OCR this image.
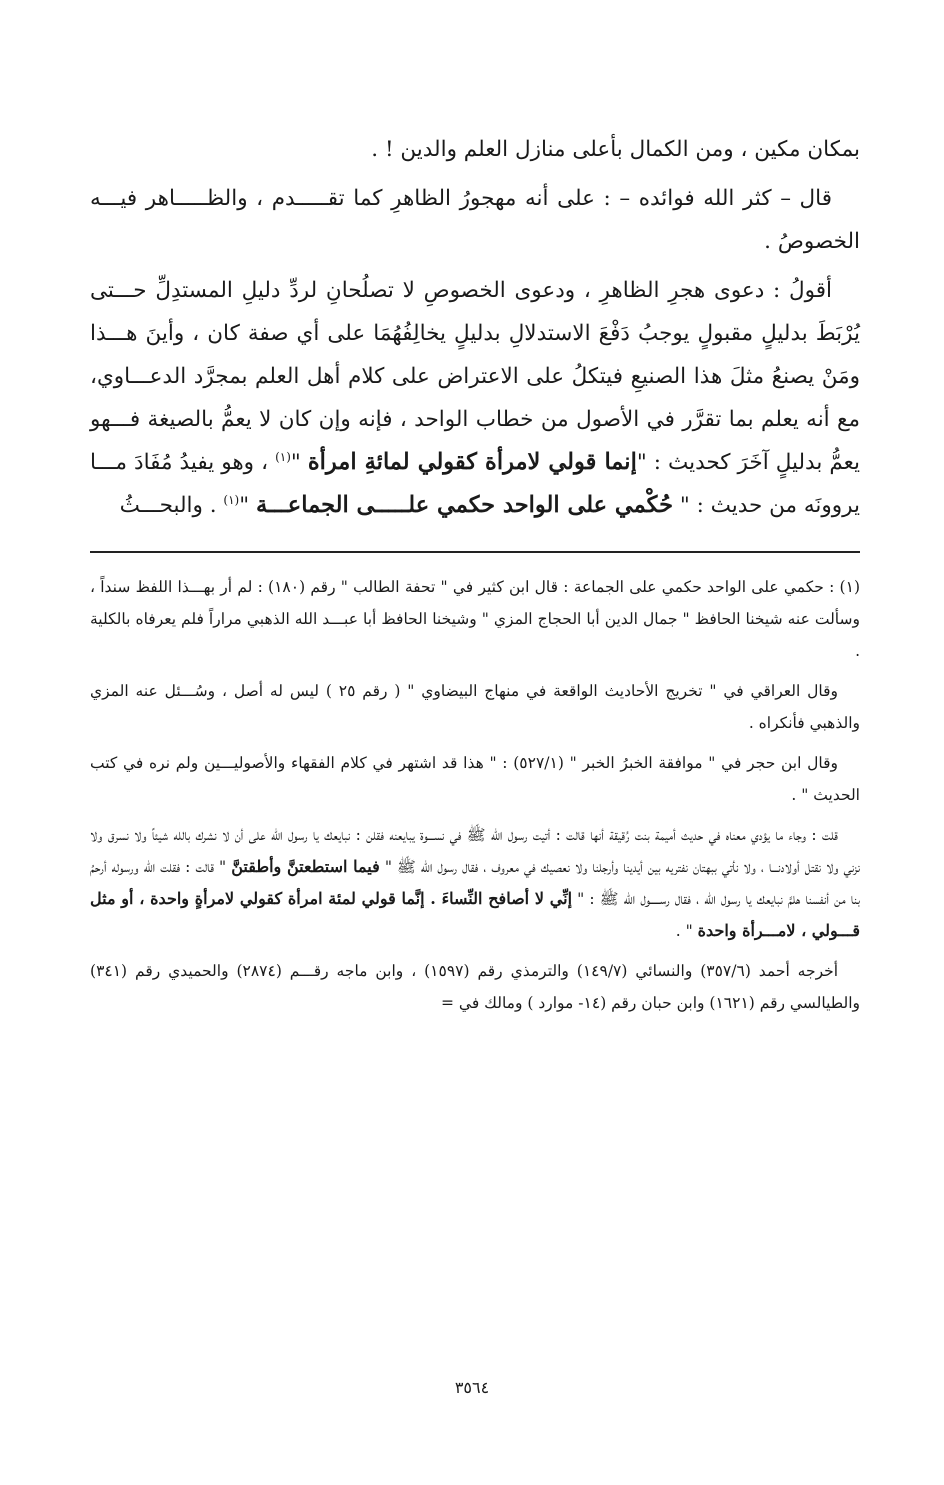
بمكان مكين ، ومن الكمال بأعلى منازل العلم والدين ! .

قال – كثر الله فوائده – : على أنه مهجورُ الظاهرِ كما تقـــــدم ، والظـــــاهر فيـــه الخصوصُ .

أقولُ : دعوى هجرِ الظاهرِ ، ودعوى الخصوصِ لا تصلُحانِ لردِّ دليلِ المستدِلِّ حـــتى يُرْبَطَ بدليلٍ مقبولٍ يوجبُ دَفْعَ الاستدلالِ بدليلٍ يخالِفُهُمَا على أي صفة كان ، وأينَ هـــذا ومَنْ يصنعُ مثلَ هذا الصنيعِ فيتكلُ على الاعتراض على كلام أهل العلم بمجرَّد الدعـــاوي، مع أنه يعلم بما تقرَّر في الأصول من خطاب الواحد ، فإنه وإن كان لا يعمُّ بالصيغة فـــهو يعمُّ بدليلٍ آخَرَ كحديث : "إنما قولي لامرأة كقولي لمائةِ امرأة "$^{(١)}$ ، وهو يفيدُ مُفَادَ مـــا يروونَه من حديث : " حُكْمي على الواحد حكمي علـــــى الجماعـــة "$^{(١)}$ . والبحـــثُ

(١) : حكمي على الواحد حكمي على الجماعة : قال ابن كثير في " تحفة الطالب " رقم (١٨٠) : لم أر بهـــذا اللفظ سنداً ، وسألت عنه شيخنا الحافظ " جمال الدين أبا الحجاج المزي " وشيخنا الحافظ أبا عبـــد الله الذهبي مراراً فلم يعرفاه بالكلية .

وقال العراقي في " تخريج الأحاديث الواقعة في منهاج البيضاوي " ( رقم ٢٥ ) ليس له أصل ، وسُـــئل عنه المزي والذهبي فأنكراه .

وقال ابن حجر في " موافقة الخبرُ الخبر " (٥٢٧/١) : " هذا قد اشتهر في كلام الفقهاء والأصوليـــين ولم نره في كتب الحديث " .

قلت : وجاء ما يؤدي معناه في حديث أميمة بنت رُقيقة أنها قالت : أتيت رسول الله ﷺ في نســـوة يبايعنه فقلن : نبايعك يا رسول الله على أن لا نشرك بالله شيئاً ولا نسرق ولا نزني ولا نقتل أولادنـــا ، ولا نأتي ببهتان نفتريه بين أيدينا وأرجلنا ولا نعصيك في معروف ، فقال رسول الله ﷺ " فيما استطعتنَّ وأطقتنَّ " قالت : فقلت الله ورسوله أرحمُ بنا من أنفسنا هلمَّ نبايعك يا رسول الله ، فقال رســـــول الله ﷺ : " إنِّي لا أصافح النِّساءَ . إنَّما قولي لمئة امرأة كقولي لامرأةٍ واحدة ، أو مثل قـــولي ، لامـــرأة واحدة " .

أخرجه أحمد (٣٥٧/٦) والنسائي (١٤٩/٧) والترمذي رقم (١٥٩٧) ، وابن ماجه رقـــم (٢٨٧٤) والحميدي رقم (٣٤١) والطيالسي رقم (١٦٢١) وابن حبان رقم (١٤- موارد ) ومالك في =

٣٥٦٤
